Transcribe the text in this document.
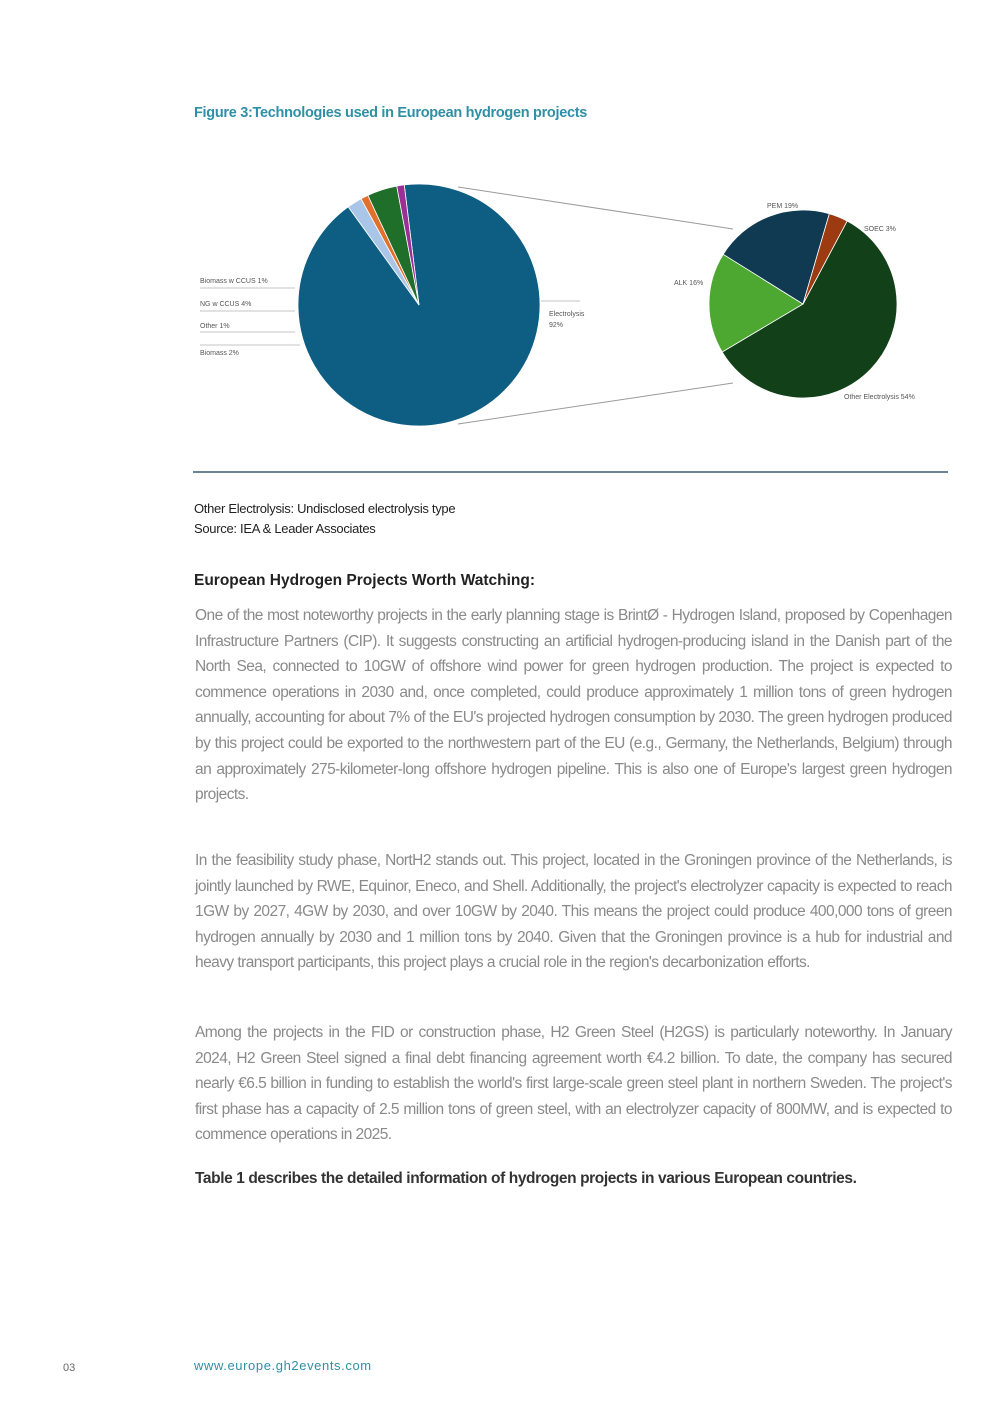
Figure 3:Technologies used in European hydrogen projects
Biomass w CCUS 1%
NG w CCUS 4%
Other 1%
Biomass 2%
Electrolysis
92%
PEM 19%
SOEC 3%
ALK 16%
Other Electrolysis 54%
Other Electrolysis: Undisclosed electrolysis type
Source: IEA & Leader Associates
European Hydrogen Projects Worth Watching:

One of the most noteworthy projects in the early planning stage is BrintØ - Hydrogen Island, proposed by Copenhagen Infrastructure Partners (CIP). It suggests constructing an artificial hydrogen-producing island in the Danish part of the North Sea, connected to 10GW of offshore wind power for green hydrogen production. The project is expected to commence operations in 2030 and, once completed, could produce approximately 1 million tons of green hydrogen annually, accounting for about 7% of the EU's projected hydrogen consumption by 2030. The green hydrogen produced by this project could be exported to the northwestern part of the EU (e.g., Germany, the Netherlands, Belgium) through an approximately 275-kilometer-long offshore hydrogen pipeline. This is also one of Europe's largest green hydrogen projects.

In the feasibility study phase, NortH2 stands out. This project, located in the Groningen province of the Netherlands, is jointly launched by RWE, Equinor, Eneco, and Shell. Additionally, the project's electrolyzer capacity is expected to reach 1GW by 2027, 4GW by 2030, and over 10GW by 2040. This means the project could produce 400,000 tons of green hydrogen annually by 2030 and 1 million tons by 2040. Given that the Groningen province is a hub for industrial and heavy transport participants, this project plays a crucial role in the region's decarbonization efforts.

Among the projects in the FID or construction phase, H2 Green Steel (H2GS) is particularly noteworthy. In January 2024, H2 Green Steel signed a final debt financing agreement worth €4.2 billion. To date, the company has secured nearly €6.5 billion in funding to establish the world's first large-scale green steel plant in northern Sweden. The project's first phase has a capacity of 2.5 million tons of green steel, with an electrolyzer capacity of 800MW, and is expected to commence operations in 2025.

Table 1 describes the detailed information of hydrogen projects in various European countries.
03	www.europe.gh2events.com
